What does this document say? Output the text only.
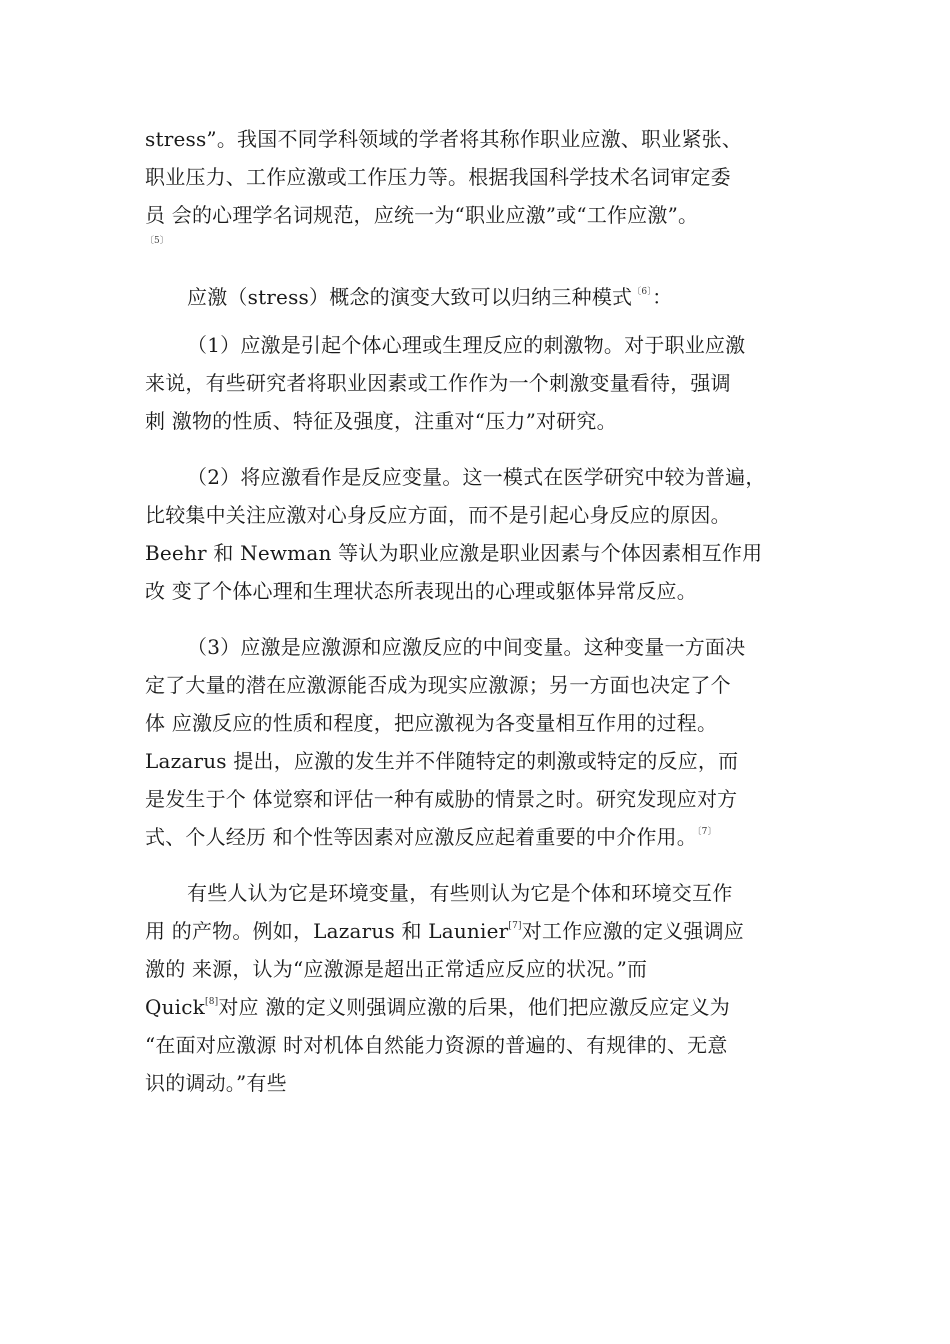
stress”。我国不同学科领域的学者将其称作职业应激、职业紧张、
职业压力、工作应激或工作压力等。根据我国科学技术名词审定委
员 会的心理学名词规范，应统一为“职业应激”或“工作应激”。
〔5〕
应激（stress）概念的演变大致可以归纳三种模式$^{〔6〕}$：
（1）应激是引起个体心理或生理反应的刺激物。对于职业应激
来说，有些研究者将职业因素或工作作为一个刺激变量看待，强调
刺 激物的性质、特征及强度，注重对“压力”对研究。
（2）将应激看作是反应变量。这一模式在医学研究中较为普遍，
比较集中关注应激对心身反应方面，而不是引起心身反应的原因。
Beehr 和 Newman 等认为职业应激是职业因素与个体因素相互作用
改 变了个体心理和生理状态所表现出的心理或躯体异常反应。
（3）应激是应激源和应激反应的中间变量。这种变量一方面决
定了大量的潜在应激源能否成为现实应激源；另一方面也决定了个
体 应激反应的性质和程度，把应激视为各变量相互作用的过程。
Lazarus 提出，应激的发生并不伴随特定的刺激或特定的反应，而
是发生于个 体觉察和评估一种有威胁的情景之时。研究发现应对方
式、个人经历 和个性等因素对应激反应起着重要的中介作用。$^{〔7〕}$
有些人认为它是环境变量，有些则认为它是个体和环境交互作
用 的产物。例如，Lazarus 和 Launier[7]对工作应激的定义强调应
激的 来源，认为“应激源是超出正常适应反应的状况。”而
Quick[8]对应 激的定义则强调应激的后果，他们把应激反应定义为
“在面对应激源 时对机体自然能力资源的普遍的、有规律的、无意
识的调动。”有些
